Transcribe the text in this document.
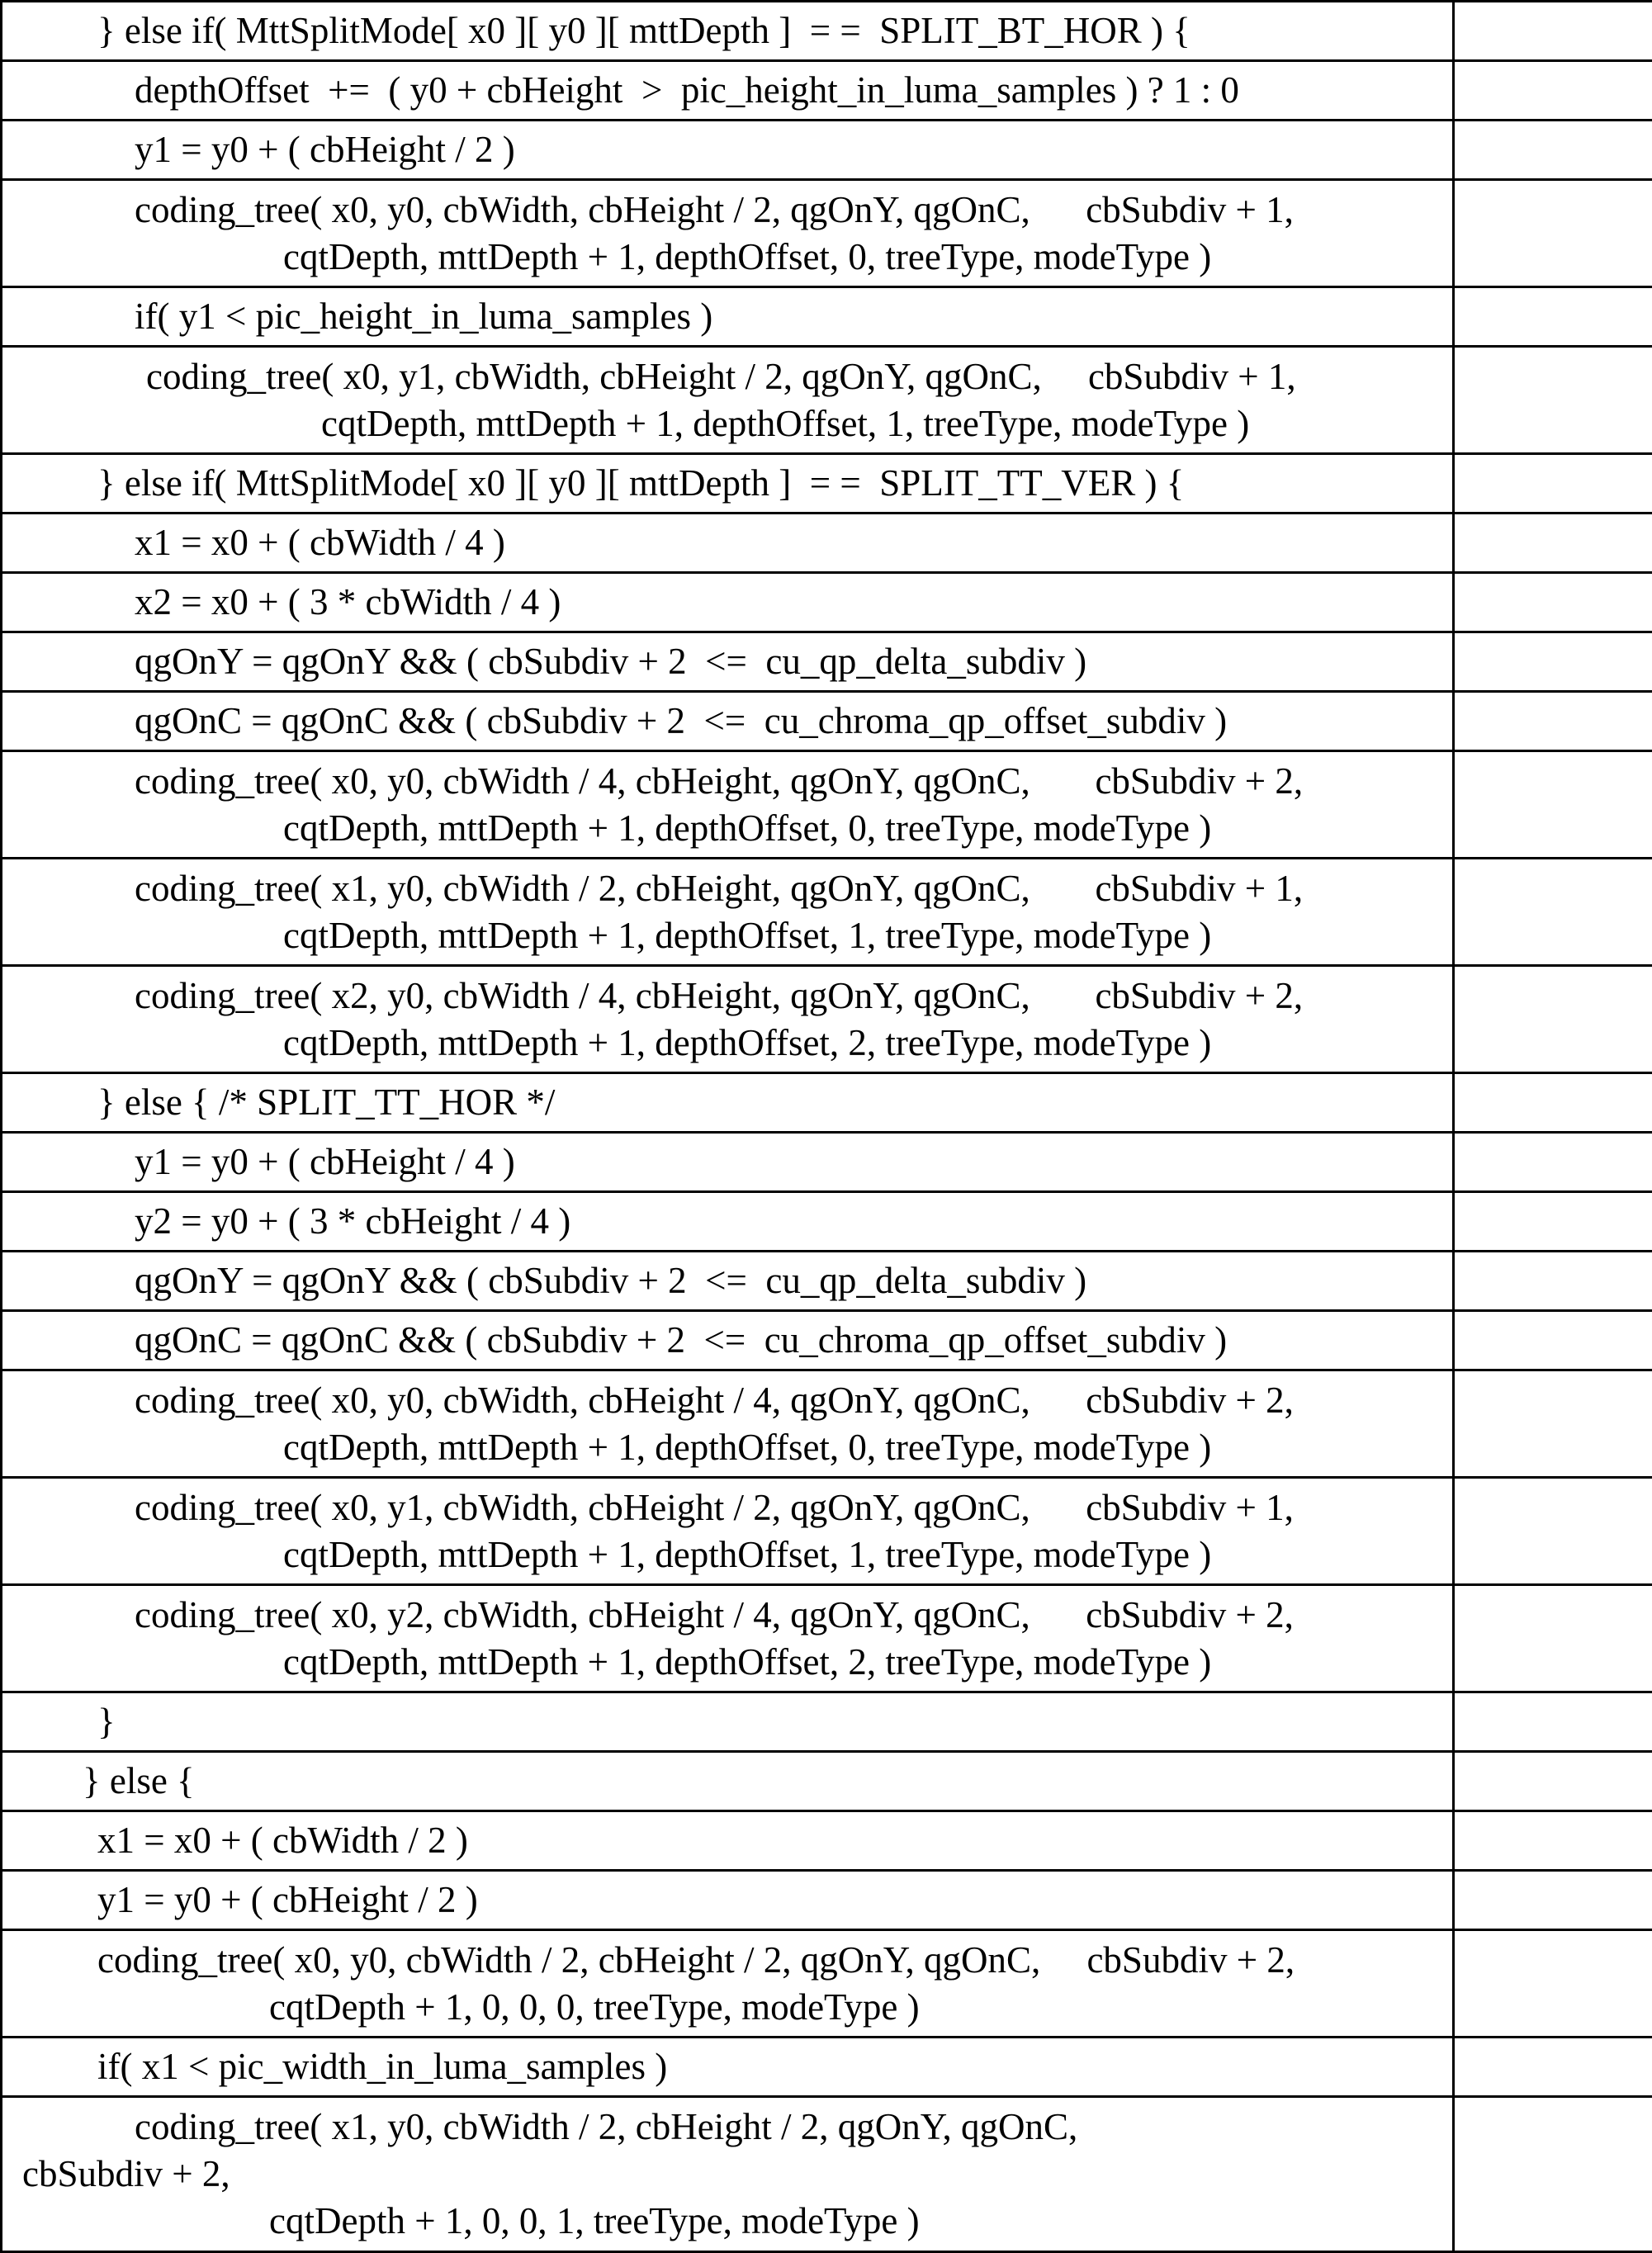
} else if( MttSplitMode[ x0 ][ y0 ][ mttDepth ]  = =  SPLIT_BT_HOR ) {

depthOffset  +=  ( y0 + cbHeight  >  pic_height_in_luma_samples ) ? 1 : 0

y1 = y0 + ( cbHeight / 2 )

coding_tree( x0, y0, cbWidth, cbHeight / 2, qgOnY, qgOnC,      cbSubdiv + 1,
cqtDepth, mttDepth + 1, depthOffset, 0, treeType, modeType )

if( y1 < pic_height_in_luma_samples )

coding_tree( x0, y1, cbWidth, cbHeight / 2, qgOnY, qgOnC,     cbSubdiv + 1,
cqtDepth, mttDepth + 1, depthOffset, 1, treeType, modeType )

} else if( MttSplitMode[ x0 ][ y0 ][ mttDepth ]  = =  SPLIT_TT_VER ) {

x1 = x0 + ( cbWidth / 4 )

x2 = x0 + ( 3 * cbWidth / 4 )

qgOnY = qgOnY && ( cbSubdiv + 2  <=  cu_qp_delta_subdiv )

qgOnC = qgOnC && ( cbSubdiv + 2  <=  cu_chroma_qp_offset_subdiv )

coding_tree( x0, y0, cbWidth / 4, cbHeight, qgOnY, qgOnC,       cbSubdiv + 2,
cqtDepth, mttDepth + 1, depthOffset, 0, treeType, modeType )

coding_tree( x1, y0, cbWidth / 2, cbHeight, qgOnY, qgOnC,       cbSubdiv + 1,
cqtDepth, mttDepth + 1, depthOffset, 1, treeType, modeType )

coding_tree( x2, y0, cbWidth / 4, cbHeight, qgOnY, qgOnC,       cbSubdiv + 2,
cqtDepth, mttDepth + 1, depthOffset, 2, treeType, modeType )

} else { /* SPLIT_TT_HOR */

y1 = y0 + ( cbHeight / 4 )

y2 = y0 + ( 3 * cbHeight / 4 )

qgOnY = qgOnY && ( cbSubdiv + 2  <=  cu_qp_delta_subdiv )

qgOnC = qgOnC && ( cbSubdiv + 2  <=  cu_chroma_qp_offset_subdiv )

coding_tree( x0, y0, cbWidth, cbHeight / 4, qgOnY, qgOnC,      cbSubdiv + 2,
cqtDepth, mttDepth + 1, depthOffset, 0, treeType, modeType )

coding_tree( x0, y1, cbWidth, cbHeight / 2, qgOnY, qgOnC,      cbSubdiv + 1,
cqtDepth, mttDepth + 1, depthOffset, 1, treeType, modeType )

coding_tree( x0, y2, cbWidth, cbHeight / 4, qgOnY, qgOnC,      cbSubdiv + 2,
cqtDepth, mttDepth + 1, depthOffset, 2, treeType, modeType )

}

} else {

x1 = x0 + ( cbWidth / 2 )

y1 = y0 + ( cbHeight / 2 )

coding_tree( x0, y0, cbWidth / 2, cbHeight / 2, qgOnY, qgOnC,     cbSubdiv + 2,
cqtDepth + 1, 0, 0, 0, treeType, modeType )

if( x1 < pic_width_in_luma_samples )

coding_tree( x1, y0, cbWidth / 2, cbHeight / 2, qgOnY, qgOnC,
cbSubdiv + 2,
cqtDepth + 1, 0, 0, 1, treeType, modeType )
